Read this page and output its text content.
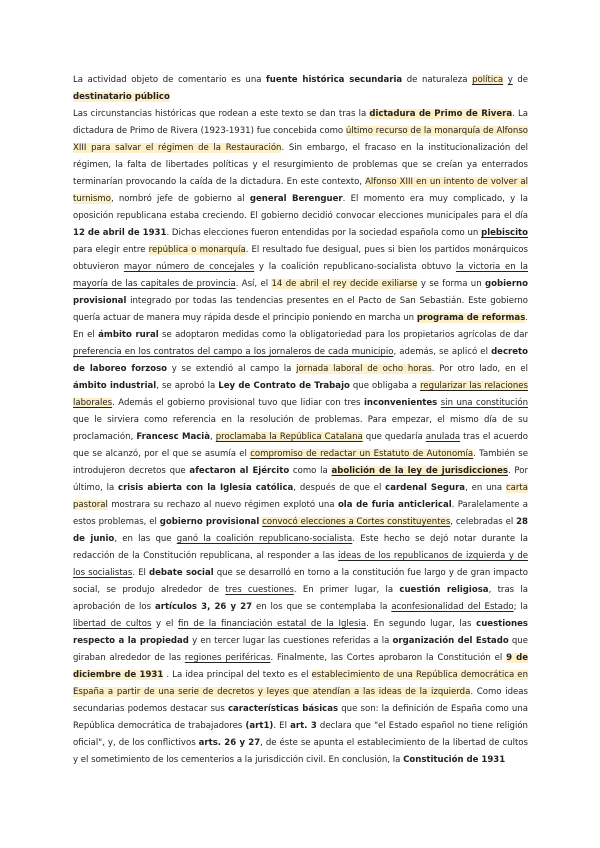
La actividad objeto de comentario es una fuente histórica secundaria de naturaleza política y de destinatario público
Las circunstancias históricas que rodean a este texto se dan tras la dictadura de Primo de Rivera. La dictadura de Primo de Rivera (1923-1931) fue concebida como último recurso de la monarquía de Alfonso XIII para salvar el régimen de la Restauración. Sin embargo, el fracaso en la institucionalización del régimen, la falta de libertades políticas y el resurgimiento de problemas que se creían ya enterrados terminarían provocando la caída de la dictadura. En este contexto, Alfonso XIII en un intento de volver al turnismo, nombró jefe de gobierno al general Berenguer. El momento era muy complicado, y la oposición republicana estaba creciendo. El gobierno decidió convocar elecciones municipales para el día 12 de abril de 1931. Dichas elecciones fueron entendidas por la sociedad española como un plebiscito para elegir entre república o monarquía. El resultado fue desigual, pues si bien los partidos monárquicos obtuvieron mayor número de concejales y la coalición republicano-socialista obtuvo la victoria en la mayoría de las capitales de provincia. Así, el 14 de abril el rey decide exiliarse y se forma un gobierno provisional integrado por todas las tendencias presentes en el Pacto de San Sebastián. Este gobierno quería actuar de manera muy rápida desde el principio poniendo en marcha un programa de reformas. En el ámbito rural se adoptaron medidas como la obligatoriedad para los propietarios agrícolas de dar preferencia en los contratos del campo a los jornaleros de cada municipio, además, se aplicó el decreto de laboreo forzoso y se extendió al campo la jornada laboral de ocho horas. Por otro lado, en el ámbito industrial, se aprobó la Ley de Contrato de Trabajo que obligaba a regularizar las relaciones laborales. Además el gobierno provisional tuvo que lidiar con tres inconvenientes sin una constitución que le sirviera como referencia en la resolución de problemas. Para empezar, el mismo día de su proclamación, Francesc Macià, proclamaba la República Catalana que quedaría anulada tras el acuerdo que se alcanzó, por el que se asumía el compromiso de redactar un Estatuto de Autonomía. También se introdujeron decretos que afectaron al Ejército como la abolición de la ley de jurisdicciones. Por último, la crisis abierta con la Iglesia católica, después de que el cardenal Segura, en una carta pastoral mostrara su rechazo al nuevo régimen explotó una ola de furia anticlerical. Paralelamente a estos problemas, el gobierno provisional convocó elecciones a Cortes constituyentes, celebradas el 28 de junio, en las que ganó la coalición republicano-socialista. Este hecho se dejó notar durante la redacción de la Constitución republicana, al responder a las ideas de los republicanos de izquierda y de los socialistas. El debate social que se desarrolló en torno a la constitución fue largo y de gran impacto social, se produjo alrededor de tres cuestiones. En primer lugar, la cuestión religiosa, tras la aprobación de los artículos 3, 26 y 27 en los que se contemplaba la aconfesionalidad del Estado; la libertad de cultos y el fin de la financiación estatal de la Iglesia. En segundo lugar, las cuestiones respecto a la propiedad y en tercer lugar las cuestiones referidas a la organización del Estado que giraban alrededor de las regiones periféricas. Finalmente, las Cortes aprobaron la Constitución el 9 de diciembre de 1931 . La idea principal del texto es el establecimiento de una República democrática en España a partir de una serie de decretos y leyes que atendían a las ideas de la izquierda. Como ideas secundarias podemos destacar sus características básicas que son: la definición de España como una República democrática de trabajadores (art1). El art. 3 declara que "el Estado español no tiene religión oficial", y, de los conflictivos arts. 26 y 27, de éste se apunta el establecimiento de la libertad de cultos y el sometimiento de los cementerios a la jurisdicción civil. En conclusión, la Constitución de 1931
